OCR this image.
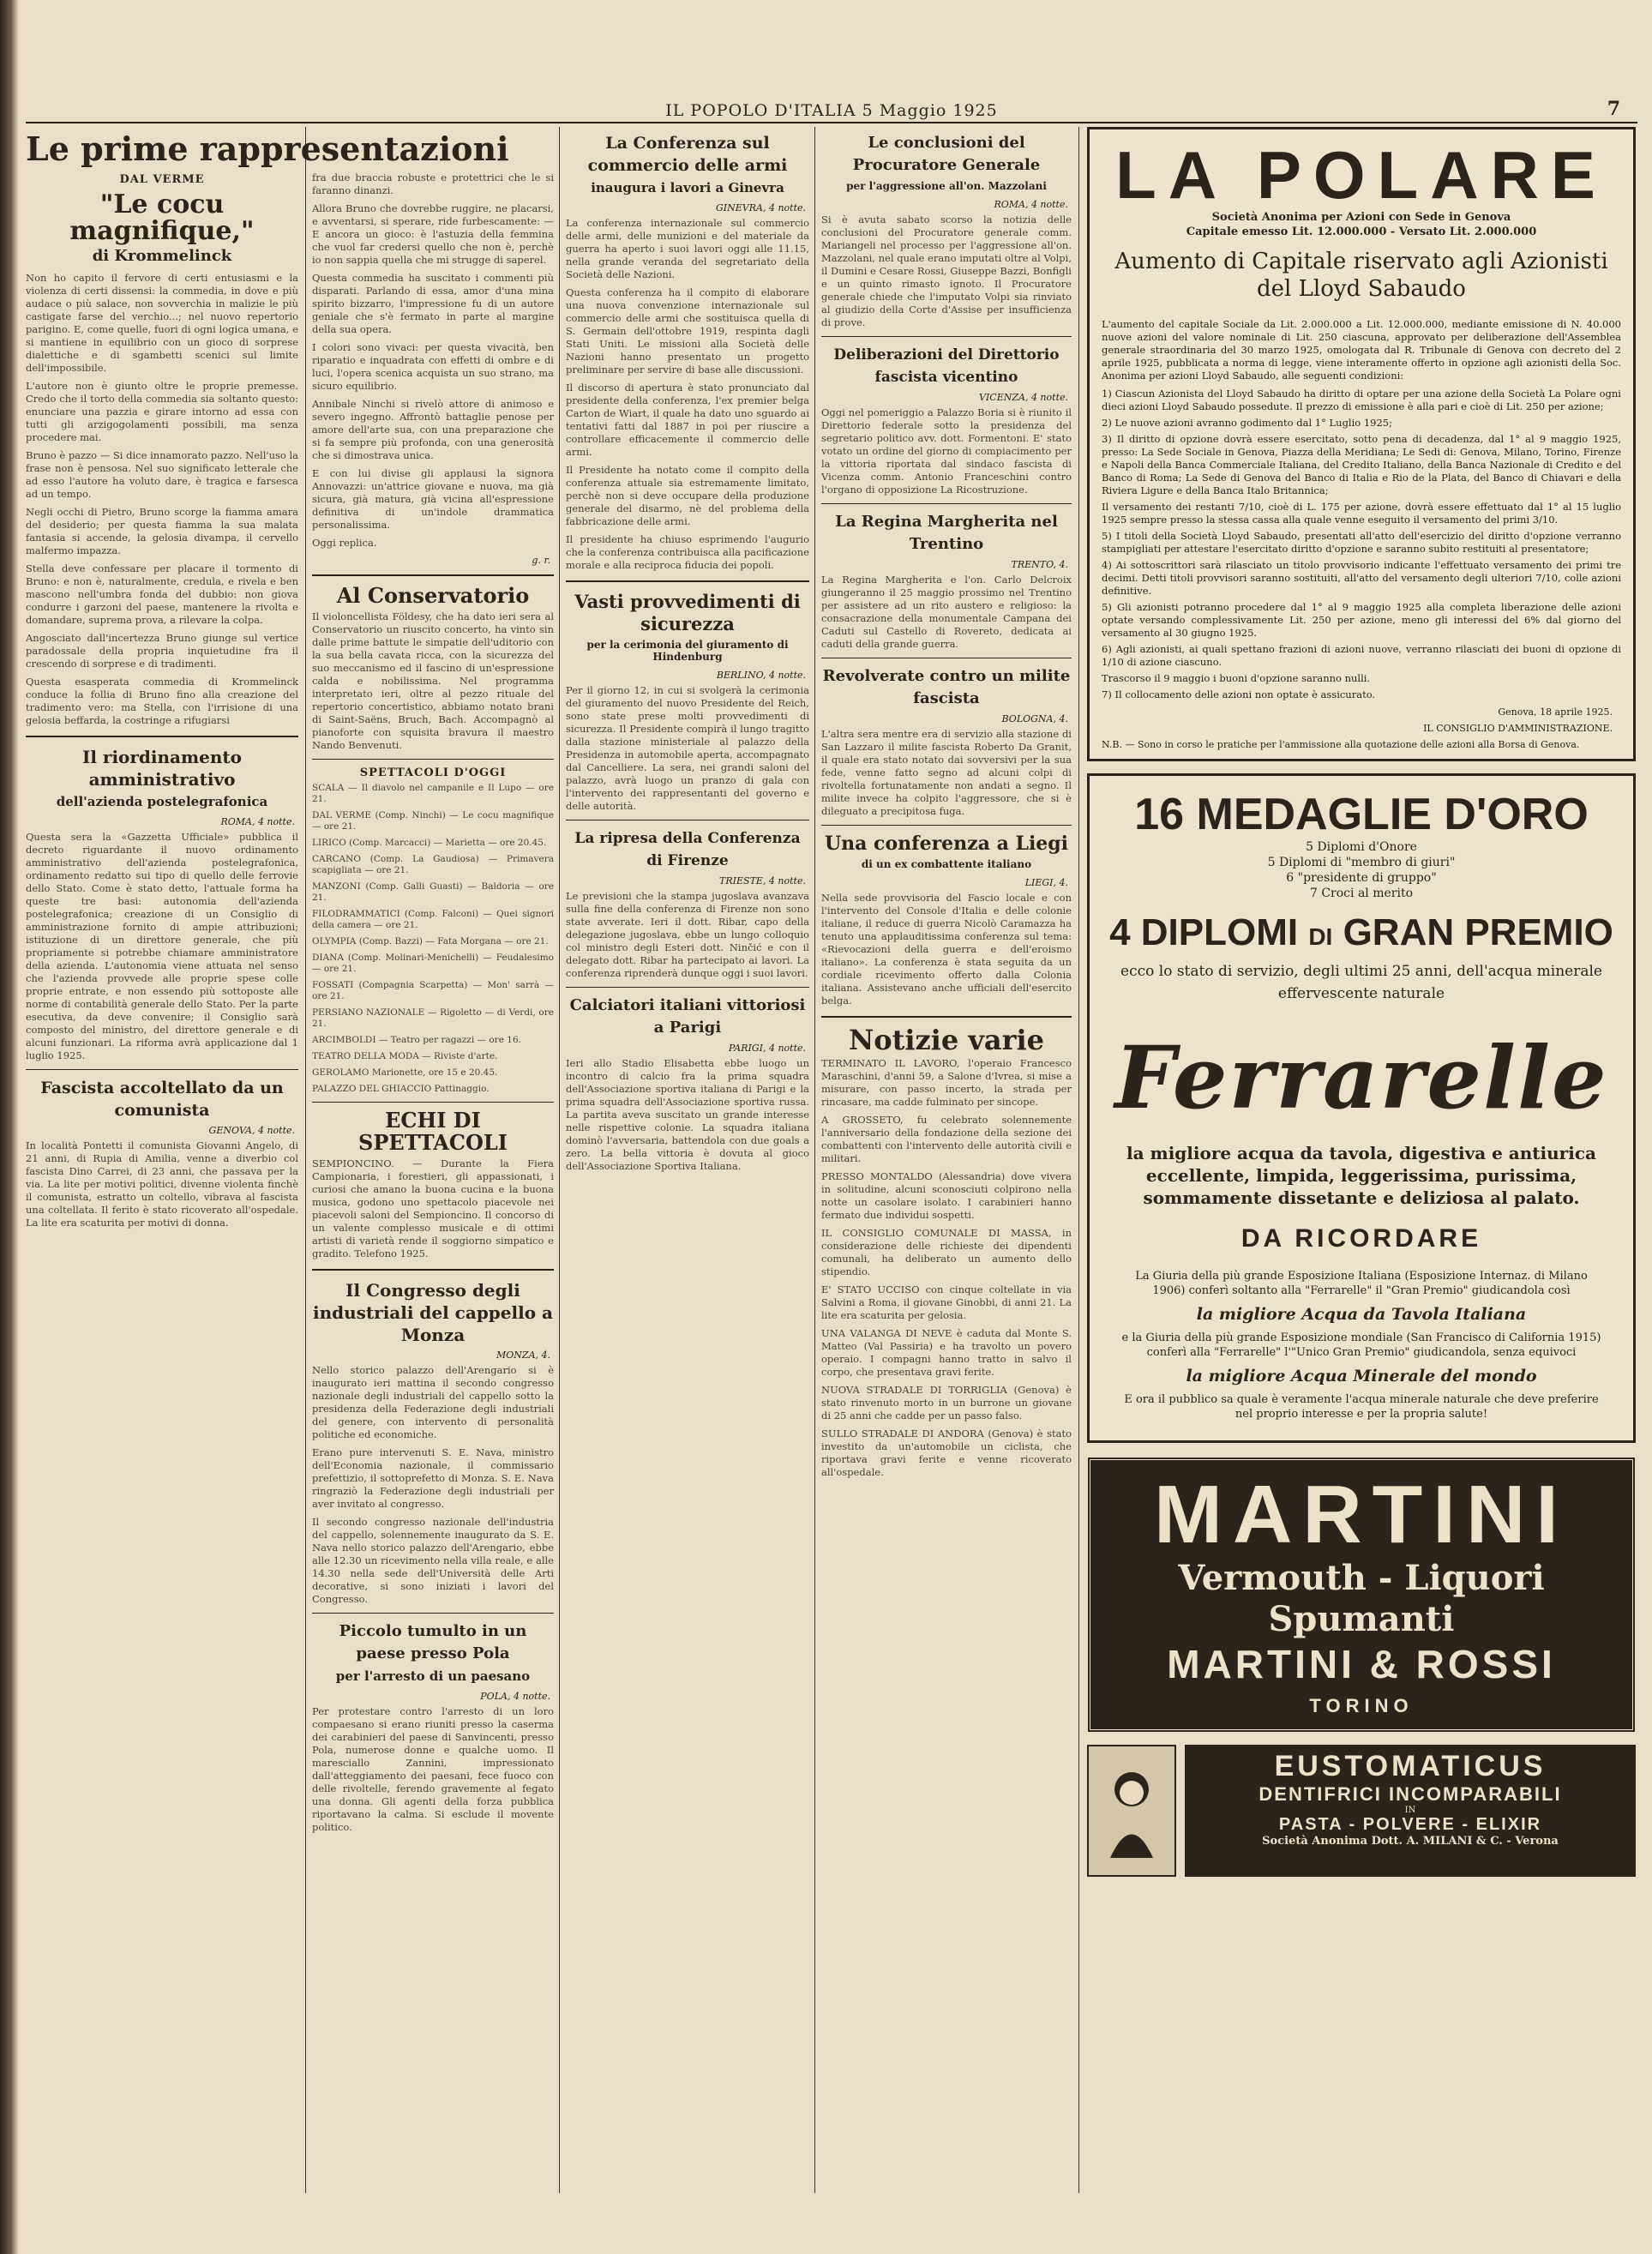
IL POPOLO D'ITALIA 5 Maggio 1925	7
Le prime rappresentazioni
DAL VERME
"Le cocu magnifique,"
di Krommelinck

Non ho capito il fervore di certi entusiasmi e la violenza di certi dissensi: la commedia, in dove e più audace o più salace, non sovverchia in malizie le più castigate farse del verchio...; nel nuovo repertorio parigino. E, come quelle, fuori di ogni logica umana, e si mantiene in equilibrio con un gioco di sorprese dialettiche e di sgambetti scenici sul limite dell'impossibile.

L'autore non è giunto oltre le proprie premesse. Credo che il torto della commedia sia soltanto questo: enunciare una pazzia e girare intorno ad essa con tutti gli arzigogolamenti possibili, ma senza procedere mai.

Bruno è pazzo — Si dice innamorato pazzo. Nell'uso la frase non è pensosa. Nel suo significato letterale che ad esso l'autore ha voluto dare, è tragica e farsesca ad un tempo.

Negli occhi di Pietro, Bruno scorge la fiamma amara del desiderio; per questa fiamma la sua malata fantasia si accende, la gelosia divampa, il cervello malfermo impazza.

Stella deve confessare per placare il tormento di Bruno: e non è, naturalmente, credula, e rivela e ben mascono nell'umbra fonda del dubbio: non giova condurre i garzoni del paese, mantenere la rivolta e domandare, suprema prova, a rilevare la colpa.

Angosciato dall'incertezza Bruno giunge sul vertice paradossale della propria inquietudine fra il crescendo di sorprese e di tradimenti.

Questa esasperata commedia di Krommelinck conduce la follia di Bruno fino alla creazione del tradimento vero: ma Stella, con l'irrisione di una gelosia beffarda, la costringe a rifugiarsi

Il riordinamento amministrativo
dell'azienda postelegrafonica
ROMA, 4 notte.

Questa sera la «Gazzetta Ufficiale» pubblica il decreto riguardante il nuovo ordinamento amministrativo dell'azienda postelegrafonica, ordinamento redatto sui tipo di quello delle ferrovie dello Stato. Come è stato detto, l'attuale forma ha queste tre basi: autonomia dell'azienda postelegrafonica; creazione di un Consiglio di amministrazione fornito di ampie attribuzioni; istituzione di un direttore generale, che più propriamente si potrebbe chiamare amministratore della azienda. L'autonomia viene attuata nel senso che l'azienda provvede alle proprie spese colle proprie entrate, e non essendo più sottoposte alle norme di contabilità generale dello Stato. Per la parte esecutiva, da deve convenire; il Consiglio sarà composto del ministro, del direttore generale e di alcuni funzionari. La riforma avrà applicazione dal 1 luglio 1925.

Fascista accoltellato da un comunista
GENOVA, 4 notte.

In località Pontetti il comunista Giovanni Angelo, di 21 anni, di Rupia di Amilia, venne a diverbio col fascista Dino Carrei, di 23 anni, che passava per la via. La lite per motivi politici, divenne violenta finchè il comunista, estratto un coltello, vibrava al fascista una coltellata. Il ferito è stato ricoverato all'ospedale. La lite era scaturita per motivi di donna.

fra due braccia robuste e protettrici che le si faranno dinanzi.

Allora Bruno che dovrebbe ruggire, ne placarsi, e avventarsi, si sperare, ride furbescamente: — E ancora un gioco: è l'astuzia della femmina che vuol far credersi quello che non è, perchè io non sappia quella che mi strugge di saperel.

Questa commedia ha suscitato i commenti più disparati. Parlando di essa, amor d'una mina spirito bizzarro, l'impressione fu di un autore geniale che s'è fermato in parte al margine della sua opera.

I colori sono vivaci: per questa vivacità, ben riparatio e inquadrata con effetti di ombre e di luci, l'opera scenica acquista un suo strano, ma sicuro equilibrio.

Annibale Ninchi si rivelò attore di animoso e severo ingegno. Affrontò battaglie penose per amore dell'arte sua, con una preparazione che si fa sempre più profonda, con una generosità che si dimostrava unica.

E con lui divise gli applausi la signora Annovazzi: un'attrice giovane e nuova, ma già sicura, già matura, già vicina all'espressione definitiva di un'indole drammatica personalissima.

Oggi replica.

g. r.
Al Conservatorio

Il violoncellista Földesy, che ha dato ieri sera al Conservatorio un riuscito concerto, ha vinto sin dalle prime battute le simpatie dell'uditorio con la sua bella cavata ricca, con la sicurezza del suo meccanismo ed il fascino di un'espressione calda e nobilissima. Nel programma interpretato ieri, oltre al pezzo rituale del repertorio concertistico, abbiamo notato brani di Saint-Saëns, Bruch, Bach. Accompagnò al pianoforte con squisita bravura il maestro Nando Benvenuti.

SPETTACOLI D'OGGI

SCALA — Il diavolo nel campanile e Il Lupo — ore 21.

DAL VERME (Comp. Ninchi) — Le cocu magnifique — ore 21.

LIRICO (Comp. Marcacci) — Marietta — ore 20.45.

CARCANO (Comp. La Gaudiosa) — Primavera scapigliata — ore 21.

MANZONI (Comp. Galli Guasti) — Baldoria — ore 21.

FILODRAMMATICI (Comp. Falconi) — Quei signori della camera — ore 21.

OLYMPIA (Comp. Bazzi) — Fata Morgana — ore 21.

DIANA (Comp. Molinari-Menichelli) — Feudalesimo — ore 21.

FOSSATI (Compagnia Scarpetta) — Mon' sarrà — ore 21.

PERSIANO NAZIONALE — Rigoletto — di Verdi, ore 21.

ARCIMBOLDI — Teatro per ragazzi — ore 16.

TEATRO DELLA MODA — Riviste d'arte.

GEROLAMO Marionette, ore 15 e 20.45.

PALAZZO DEL GHIACCIO Pattinaggio.

ECHI DI SPETTACOLI

SEMPIONCINO. — Durante la Fiera Campionaria, i forestieri, gli appassionati, i curiosi che amano la buona cucina e la buona musica, godono uno spettacolo piacevole nei piacevoli saloni del Sempioncino. Il concorso di un valente complesso musicale e di ottimi artisti di varietà rende il soggiorno simpatico e gradito. Telefono 1925.

Il Congresso degli industriali del cappello a Monza
MONZA, 4.

Nello storico palazzo dell'Arengario si è inaugurato ieri mattina il secondo congresso nazionale degli industriali del cappello sotto la presidenza della Federazione degli industriali del genere, con intervento di personalità politiche ed economiche.

Erano pure intervenuti S. E. Nava, ministro dell'Economia nazionale, il commissario prefettizio, il sottoprefetto di Monza. S. E. Nava ringraziò la Federazione degli industriali per aver invitato al congresso.

Il secondo congresso nazionale dell'industria del cappello, solennemente inaugurato da S. E. Nava nello storico palazzo dell'Arengario, ebbe alle 12.30 un ricevimento nella villa reale, e alle 14.30 nella sede dell'Università delle Arti decorative, si sono iniziati i lavori del Congresso.

Piccolo tumulto in un paese presso Pola
per l'arresto di un paesano
POLA, 4 notte.

Per protestare contro l'arresto di un loro compaesano si erano riuniti presso la caserma dei carabinieri del paese di Sanvincenti, presso Pola, numerose donne e qualche uomo. Il maresciallo Zannini, impressionato dall'atteggiamento dei paesani, fece fuoco con delle rivoltelle, ferendo gravemente al fegato una donna. Gli agenti della forza pubblica riportavano la calma. Si esclude il movente politico.

La Conferenza sul commercio delle armi
inaugura i lavori a Ginevra
GINEVRA, 4 notte.

La conferenza internazionale sul commercio delle armi, delle munizioni e del materiale da guerra ha aperto i suoi lavori oggi alle 11.15, nella grande veranda del segretariato della Società delle Nazioni.

Questa conferenza ha il compito di elaborare una nuova convenzione internazionale sul commercio delle armi che sostituisca quella di S. Germain dell'ottobre 1919, respinta dagli Stati Uniti. Le missioni alla Società delle Nazioni hanno presentato un progetto preliminare per servire di base alle discussioni.

Il discorso di apertura è stato pronunciato dal presidente della conferenza, l'ex premier belga Carton de Wiart, il quale ha dato uno sguardo ai tentativi fatti dal 1887 in poi per riuscire a controllare efficacemente il commercio delle armi.

Il Presidente ha notato come il compito della conferenza attuale sia estremamente limitato, perchè non si deve occupare della produzione generale del disarmo, nè del problema della fabbricazione delle armi.

Il presidente ha chiuso esprimendo l'augurio che la conferenza contribuisca alla pacificazione morale e alla reciproca fiducia dei popoli.

Vasti provvedimenti di sicurezza
per la cerimonia del giuramento di Hindenburg
BERLINO, 4 notte.

Per il giorno 12, in cui si svolgerà la cerimonia del giuramento del nuovo Presidente del Reich, sono state prese molti provvedimenti di sicurezza. Il Presidente compirà il lungo tragitto dalla stazione ministeriale al palazzo della Presidenza in automobile aperta, accompagnato dal Cancelliere. La sera, nei grandi saloni del palazzo, avrà luogo un pranzo di gala con l'intervento dei rappresentanti del governo e delle autorità.

La ripresa della Conferenza di Firenze
TRIESTE, 4 notte.

Le previsioni che la stampa jugoslava avanzava sulla fine della conferenza di Firenze non sono state avverate. Ieri il dott. Ribar, capo della delegazione jugoslava, ebbe un lungo colloquio col ministro degli Esteri dott. Ninčić e con il delegato dott. Ribar ha partecipato ai lavori. La conferenza riprenderà dunque oggi i suoi lavori.

Calciatori italiani vittoriosi a Parigi
PARIGI, 4 notte.

Ieri allo Stadio Elisabetta ebbe luogo un incontro di calcio fra la prima squadra dell'Associazione sportiva italiana di Parigi e la prima squadra dell'Associazione sportiva russa. La partita aveva suscitato un grande interesse nelle rispettive colonie. La squadra italiana dominò l'avversaria, battendola con due goals a zero. La bella vittoria è dovuta al gioco dell'Associazione Sportiva Italiana.

Le conclusioni del Procuratore Generale
per l'aggressione all'on. Mazzolani
ROMA, 4 notte.

Si è avuta sabato scorso la notizia delle conclusioni del Procuratore generale comm. Mariangeli nel processo per l'aggressione all'on. Mazzolani, nel quale erano imputati oltre al Volpi, il Dumini e Cesare Rossi, Giuseppe Bazzi, Bonfigli e un quinto rimasto ignoto. Il Procuratore generale chiede che l'imputato Volpi sia rinviato al giudizio della Corte d'Assise per insufficienza di prove.

Deliberazioni del Direttorio fascista vicentino
VICENZA, 4 notte.

Oggi nel pomeriggio a Palazzo Boria si è riunito il Direttorio federale sotto la presidenza del segretario politico avv. dott. Formentoni. E' stato votato un ordine del giorno di compiacimento per la vittoria riportata dal sindaco fascista di Vicenza comm. Antonio Franceschini contro l'organo di opposizione La Ricostruzione.

La Regina Margherita nel Trentino
TRENTO, 4.

La Regina Margherita e l'on. Carlo Delcroix giungeranno il 25 maggio prossimo nel Trentino per assistere ad un rito austero e religioso: la consacrazione della monumentale Campana dei Caduti sul Castello di Rovereto, dedicata ai caduti della grande guerra.

Revolverate contro un milite fascista
BOLOGNA, 4.

L'altra sera mentre era di servizio alla stazione di San Lazzaro il milite fascista Roberto Da Granit, il quale era stato notato dai sovversivi per la sua fede, venne fatto segno ad alcuni colpi di rivoltella fortunatamente non andati a segno. Il milite invece ha colpito l'aggressore, che si è dileguato a precipitosa fuga.

Una conferenza a Liegi
di un ex combattente italiano
LIEGI, 4.

Nella sede provvisoria del Fascio locale e con l'intervento del Console d'Italia e delle colonie italiane, il reduce di guerra Nicolò Caramazza ha tenuto una applauditissima conferenza sul tema: «Rievocazioni della guerra e dell'eroismo italiano». La conferenza è stata seguita da un cordiale ricevimento offerto dalla Colonia italiana. Assistevano anche ufficiali dell'esercito belga.

Notizie varie

TERMINATO IL LAVORO, l'operaio Francesco Maraschini, d'anni 59, a Salone d'Ivrea, si mise a misurare, con passo incerto, la strada per rincasare, ma cadde fulminato per sincope.

A GROSSETO, fu celebrato solennemente l'anniversario della fondazione della sezione dei combattenti con l'intervento delle autorità civili e militari.

PRESSO MONTALDO (Alessandria) dove vivera in solitudine, alcuni sconosciuti colpirono nella notte un casolare isolato. I carabinieri hanno fermato due individui sospetti.

IL CONSIGLIO COMUNALE DI MASSA, in considerazione delle richieste dei dipendenti comunali, ha deliberato un aumento dello stipendio.

E' STATO UCCISO con cinque coltellate in via Salvini a Roma, il giovane Ginobbi, di anni 21. La lite era scaturita per gelosia.

UNA VALANGA DI NEVE è caduta dal Monte S. Matteo (Val Passiria) e ha travolto un povero operaio. I compagni hanno tratto in salvo il corpo, che presentava gravi ferite.

NUOVA STRADALE DI TORRIGLIA (Genova) è stato rinvenuto morto in un burrone un giovane di 25 anni che cadde per un passo falso.

SULLO STRADALE DI ANDORA (Genova) è stato investito da un'automobile un ciclista, che riportava gravi ferite e venne ricoverato all'ospedale.

LA POLARE
Società Anonima per Azioni con Sede in Genova
Capitale emesso Lit. 12.000.000 - Versato Lit. 2.000.000
Aumento di Capitale riservato agli Azionisti del Lloyd Sabaudo

L'aumento del capitale Sociale da Lit. 2.000.000 a Lit. 12.000.000, mediante emissione di N. 40.000 nuove azioni del valore nominale di Lit. 250 ciascuna, approvato per deliberazione dell'Assemblea generale straordinaria del 30 marzo 1925, omologata dal R. Tribunale di Genova con decreto del 2 aprile 1925, pubblicata a norma di legge, viene interamente offerto in opzione agli azionisti della Soc. Anonima per azioni Lloyd Sabaudo, alle seguenti condizioni:

1) Ciascun Azionista del Lloyd Sabaudo ha diritto di optare per una azione della Società La Polare ogni dieci azioni Lloyd Sabaudo possedute. Il prezzo di emissione è alla pari e cioè di Lit. 250 per azione;

2) Le nuove azioni avranno godimento dal 1° Luglio 1925;

3) Il diritto di opzione dovrà essere esercitato, sotto pena di decadenza, dal 1° al 9 maggio 1925, presso: La Sede Sociale in Genova, Piazza della Meridiana; Le Sedi di: Genova, Milano, Torino, Firenze e Napoli della Banca Commerciale Italiana, del Credito Italiano, della Banca Nazionale di Credito e del Banco di Roma; La Sede di Genova del Banco di Italia e Rio de la Plata, del Banco di Chiavari e della Riviera Ligure e della Banca Italo Britannica;

Il versamento dei restanti 7/10, cioè di L. 175 per azione, dovrà essere effettuato dal 1° al 15 luglio 1925 sempre presso la stessa cassa alla quale venne eseguito il versamento del primi 3/10.

5) I titoli della Società Lloyd Sabaudo, presentati all'atto dell'esercizio del diritto d'opzione verranno stampigliati per attestare l'esercitato diritto d'opzione e saranno subito restituiti al presentatore;

4) Ai sottoscrittori sarà rilasciato un titolo provvisorio indicante l'effettuato versamento dei primi tre decimi. Detti titoli provvisori saranno sostituiti, all'atto del versamento degli ulteriori 7/10, colle azioni definitive.

5) Gli azionisti potranno procedere dal 1° al 9 maggio 1925 alla completa liberazione delle azioni optate versando complessivamente Lit. 250 per azione, meno gli interessi del 6% dal giorno del versamento al 30 giugno 1925.

6) Agli azionisti, ai quali spettano frazioni di azioni nuove, verranno rilasciati dei buoni di opzione di 1/10 di azione ciascuno.

Trascorso il 9 maggio i buoni d'opzione saranno nulli.

7) Il collocamento delle azioni non optate è assicurato.

Genova, 18 aprile 1925.
IL CONSIGLIO D'AMMINISTRAZIONE.
N.B. — Sono in corso le pratiche per l'ammissione alla quotazione delle azioni alla Borsa di Genova.
16 MEDAGLIE D'ORO
5 Diplomi d'Onore
5 Diplomi di "membro di giuri"
6 "presidente di gruppo"
7 Croci al merito
4 DIPLOMI DI GRAN PREMIO
ecco lo stato di servizio, degli ultimi 25 anni, dell'acqua minerale effervescente naturale
Ferrarelle
la migliore acqua da tavola, digestiva e antiurica eccellente, limpida, leggerissima, purissima, sommamente dissetante e deliziosa al palato.
DA RICORDARE
La Giuria della più grande Esposizione Italiana (Esposizione Internaz. di Milano 1906) conferì soltanto alla "Ferrarelle" il "Gran Premio" giudicandola così
la migliore Acqua da Tavola Italiana
e la Giuria della più grande Esposizione mondiale (San Francisco di California 1915) conferì alla "Ferrarelle" l'"Unico Gran Premio" giudicandola, senza equivoci
la migliore Acqua Minerale del mondo
E ora il pubblico sa quale è veramente l'acqua minerale naturale che deve preferire nel proprio interesse e per la propria salute!
MARTINI
Vermouth - Liquori
Spumanti
MARTINI & ROSSI
TORINO
EUSTOMATICUS
DENTIFRICI INCOMPARABILI
IN
PASTA - POLVERE - ELIXIR
Società Anonima Dott. A. MILANI & C. - Verona
